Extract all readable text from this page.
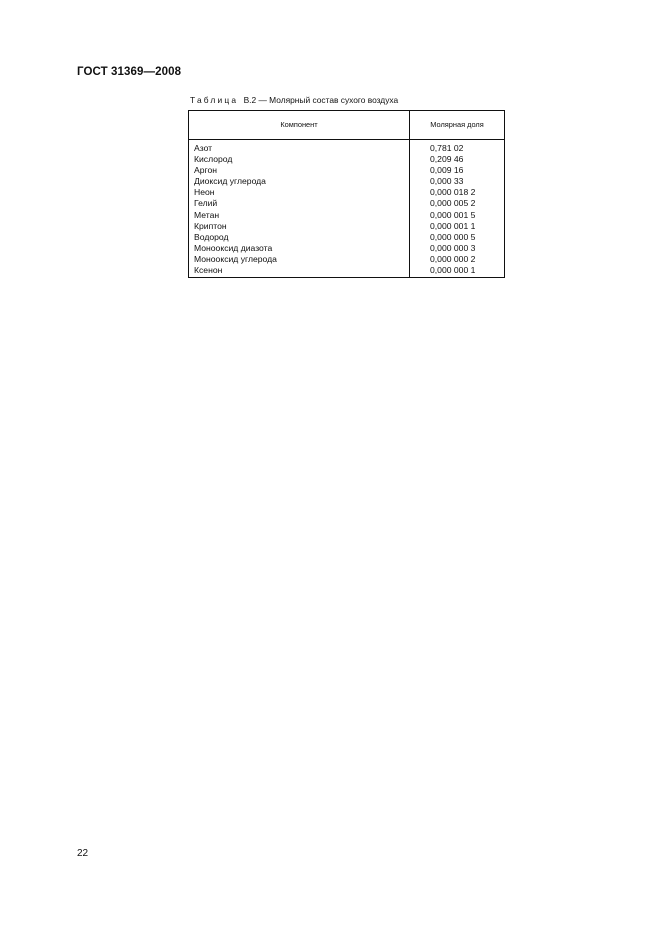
ГОСТ 31369—2008
Таблица В.2 — Молярный состав сухого воздуха
Компонент	Молярная доля
Азот	0,781 02
Кислород	0,209 46
Аргон	0,009 16
Диоксид углерода	0,000 33
Неон	0,000 018 2
Гелий	0,000 005 2
Метан	0,000 001 5
Криптон	0,000 001 1
Водород	0,000 000 5
Монооксид диазота	0,000 000 3
Монооксид углерода	0,000 000 2
Ксенон	0,000 000 1
22
